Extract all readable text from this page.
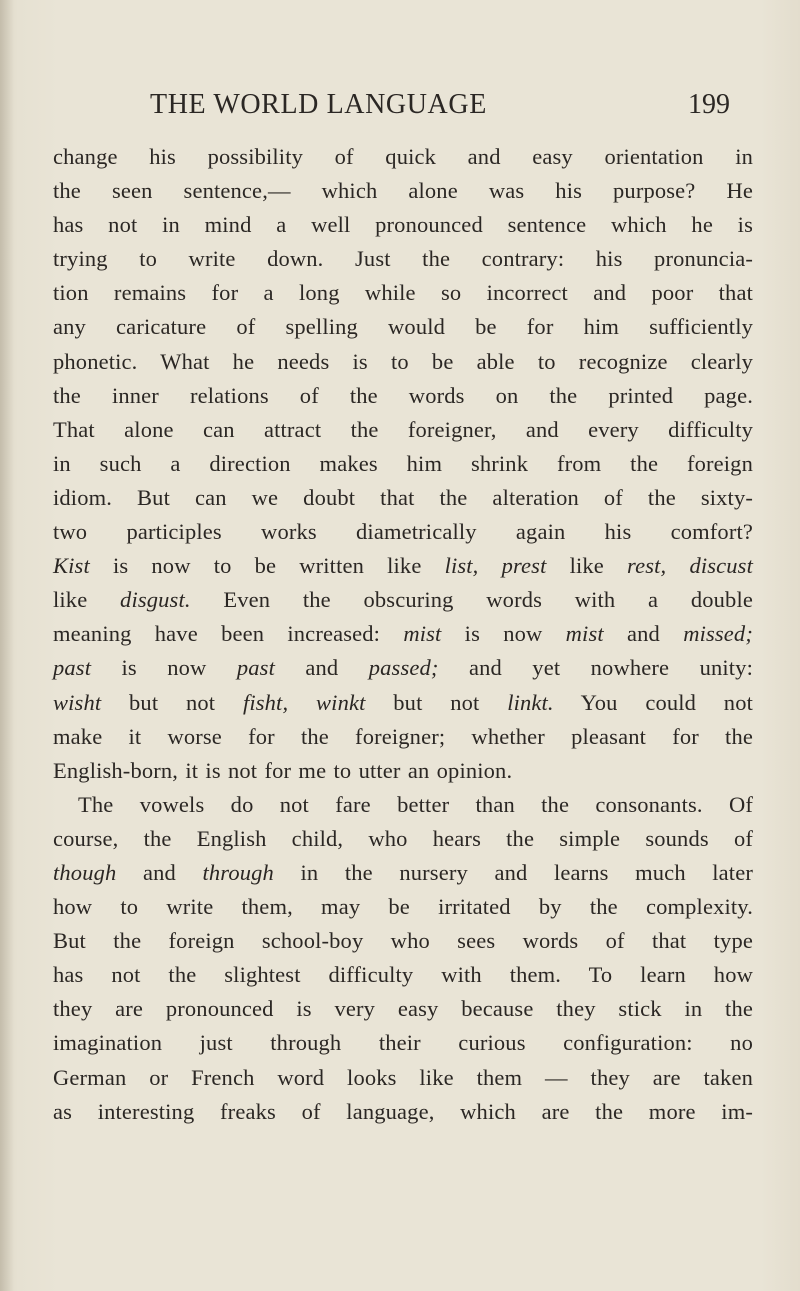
THE WORLD LANGUAGE	199
change his possibility of quick and easy orientation in
the seen sentence,— which alone was his purpose? He
has not in mind a well pronounced sentence which he is
trying to write down. Just the contrary: his pronuncia-
tion remains for a long while so incorrect and poor that
any caricature of spelling would be for him sufficiently
phonetic. What he needs is to be able to recognize clearly
the inner relations of the words on the printed page.
That alone can attract the foreigner, and every difficulty
in such a direction makes him shrink from the foreign
idiom. But can we doubt that the alteration of the sixty-
two participles works diametrically again his comfort?
Kist is now to be written like list, prest like rest, discust
like disgust. Even the obscuring words with a double
meaning have been increased: mist is now mist and missed;
past is now past and passed; and yet nowhere unity:
wisht but not fisht, winkt but not linkt. You could not
make it worse for the foreigner; whether pleasant for the
English-born, it is not for me to utter an opinion.
The vowels do not fare better than the consonants. Of
course, the English child, who hears the simple sounds of
though and through in the nursery and learns much later
how to write them, may be irritated by the complexity.
But the foreign school-boy who sees words of that type
has not the slightest difficulty with them. To learn how
they are pronounced is very easy because they stick in the
imagination just through their curious configuration: no
German or French word looks like them — they are taken
as interesting freaks of language, which are the more im-
